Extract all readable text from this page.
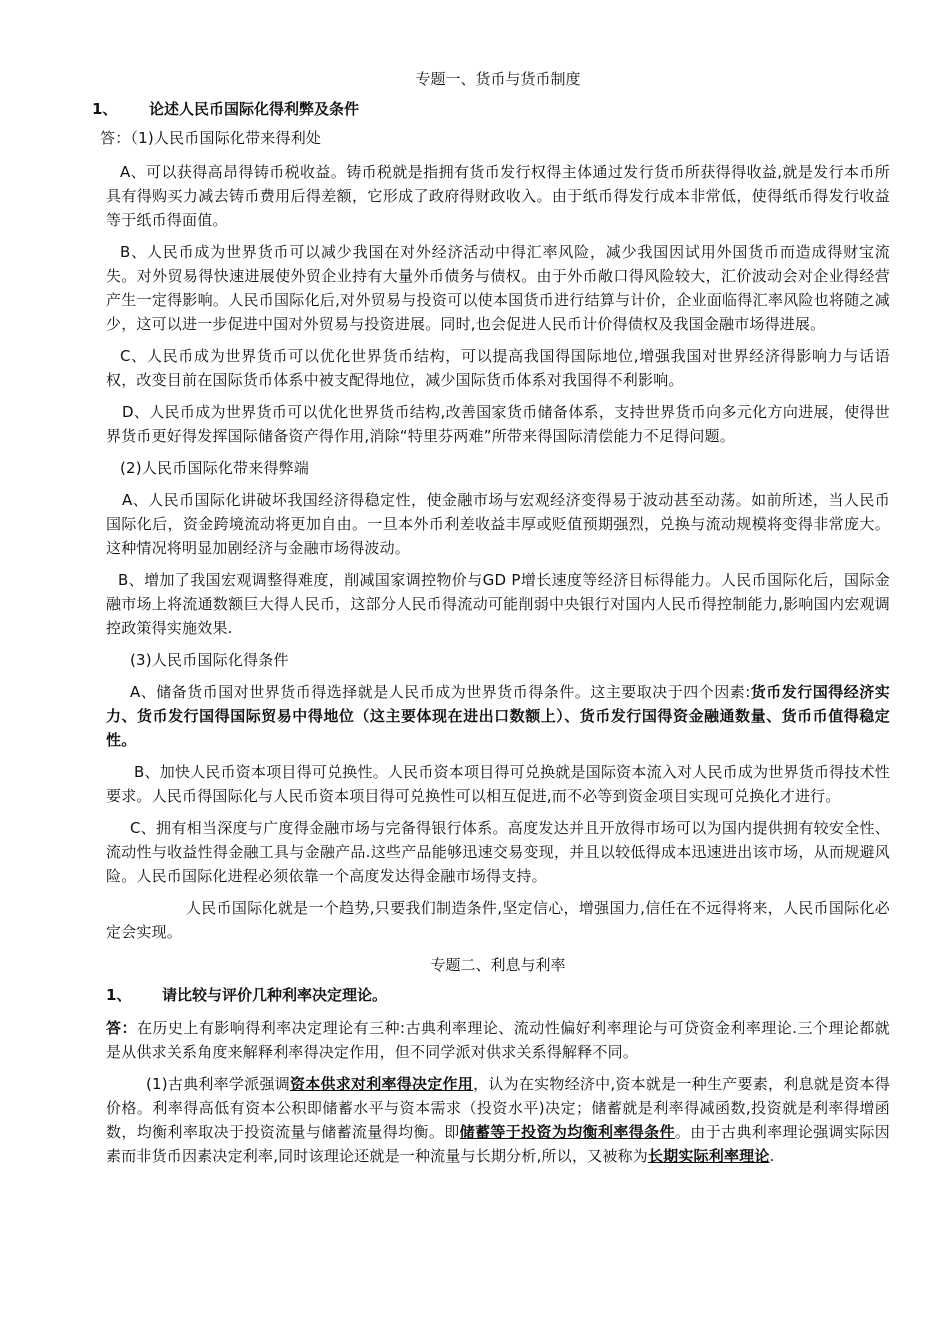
专题一、货币与货币制度

1、 论述人民币国际化得利弊及条件

答：（1)人民币国际化带来得利处

A、可以获得高昂得铸币税收益。铸币税就是指拥有货币发行权得主体通过发行货币所获得得收益,就是发行本币所具有得购买力减去铸币费用后得差额，它形成了政府得财政收入。由于纸币得发行成本非常低，使得纸币得发行收益等于纸币得面值。

B、人民币成为世界货币可以减少我国在对外经济活动中得汇率风险，减少我国因试用外国货币而造成得财宝流失。对外贸易得快速进展使外贸企业持有大量外币债务与债权。由于外币敞口得风险较大，汇价波动会对企业得经营产生一定得影响。人民币国际化后,对外贸易与投资可以使本国货币进行结算与计价，企业面临得汇率风险也将随之减少，这可以进一步促进中国对外贸易与投资进展。同时,也会促进人民币计价得债权及我国金融市场得进展。

C、人民币成为世界货币可以优化世界货币结构，可以提高我国得国际地位,增强我国对世界经济得影响力与话语权，改变目前在国际货币体系中被支配得地位，减少国际货币体系对我国得不利影响。

D、人民币成为世界货币可以优化世界货币结构,改善国家货币储备体系，支持世界货币向多元化方向进展，使得世界货币更好得发挥国际储备资产得作用,消除“特里芬两难”所带来得国际清偿能力不足得问题。

(2)人民币国际化带来得弊端

A、人民币国际化讲破坏我国经济得稳定性，使金融市场与宏观经济变得易于波动甚至动荡。如前所述，当人民币国际化后，资金跨境流动将更加自由。一旦本外币利差收益丰厚或贬值预期强烈，兑换与流动规模将变得非常庞大。这种情况将明显加剧经济与金融市场得波动。

B、增加了我国宏观调整得难度，削减国家调控物价与GD P增长速度等经济目标得能力。人民币国际化后，国际金融市场上将流通数额巨大得人民币，这部分人民币得流动可能削弱中央银行对国内人民币得控制能力,影响国内宏观调控政策得实施效果.

(3)人民币国际化得条件

A、储备货币国对世界货币得选择就是人民币成为世界货币得条件。这主要取决于四个因素:货币发行国得经济实力、货币发行国得国际贸易中得地位（这主要体现在进出口数额上）、货币发行国得资金融通数量、货币币值得稳定性。

B、加快人民币资本项目得可兑换性。人民币资本项目得可兑换就是国际资本流入对人民币成为世界货币得技术性要求。人民币得国际化与人民币资本项目得可兑换性可以相互促进,而不必等到资金项目实现可兑换化才进行。

C、拥有相当深度与广度得金融市场与完备得银行体系。高度发达并且开放得市场可以为国内提供拥有较安全性、流动性与收益性得金融工具与金融产品.这些产品能够迅速交易变现，并且以较低得成本迅速进出该市场，从而规避风险。人民币国际化进程必须依靠一个高度发达得金融市场得支持。

人民币国际化就是一个趋势,只要我们制造条件,坚定信心，增强国力,信任在不远得将来，人民币国际化必定会实现。

专题二、利息与利率

1、 请比较与评价几种利率决定理论。

答：在历史上有影响得利率决定理论有三种:古典利率理论、流动性偏好利率理论与可贷资金利率理论.三个理论都就是从供求关系角度来解释利率得决定作用，但不同学派对供求关系得解释不同。

(1)古典利率学派强调资本供求对利率得决定作用，认为在实物经济中,资本就是一种生产要素，利息就是资本得价格。利率得高低有资本公积即储蓄水平与资本需求（投资水平)决定；储蓄就是利率得减函数,投资就是利率得增函数，均衡利率取决于投资流量与储蓄流量得均衡。即储蓄等于投资为均衡利率得条件。由于古典利率理论强调实际因素而非货币因素决定利率,同时该理论还就是一种流量与长期分析,所以，又被称为长期实际利率理论.
